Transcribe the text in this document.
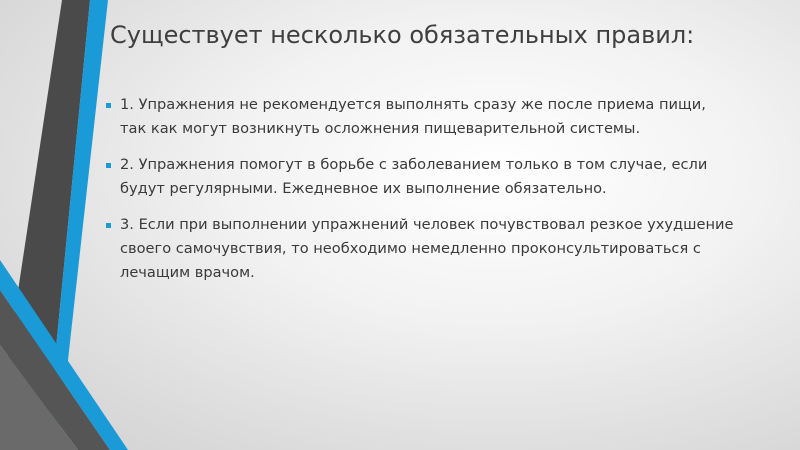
Существует несколько обязательных правил:
1. Упражнения не рекомендуется выполнять сразу же после приема пищи, так как могут возникнуть осложнения пищеварительной системы.
2. Упражнения помогут в борьбе с заболеванием только в том случае, если будут регулярными. Ежедневное их выполнение обязательно.
3. Если при выполнении упражнений человек почувствовал резкое ухудшение своего самочувствия, то необходимо немедленно проконсультироваться с лечащим врачом.
